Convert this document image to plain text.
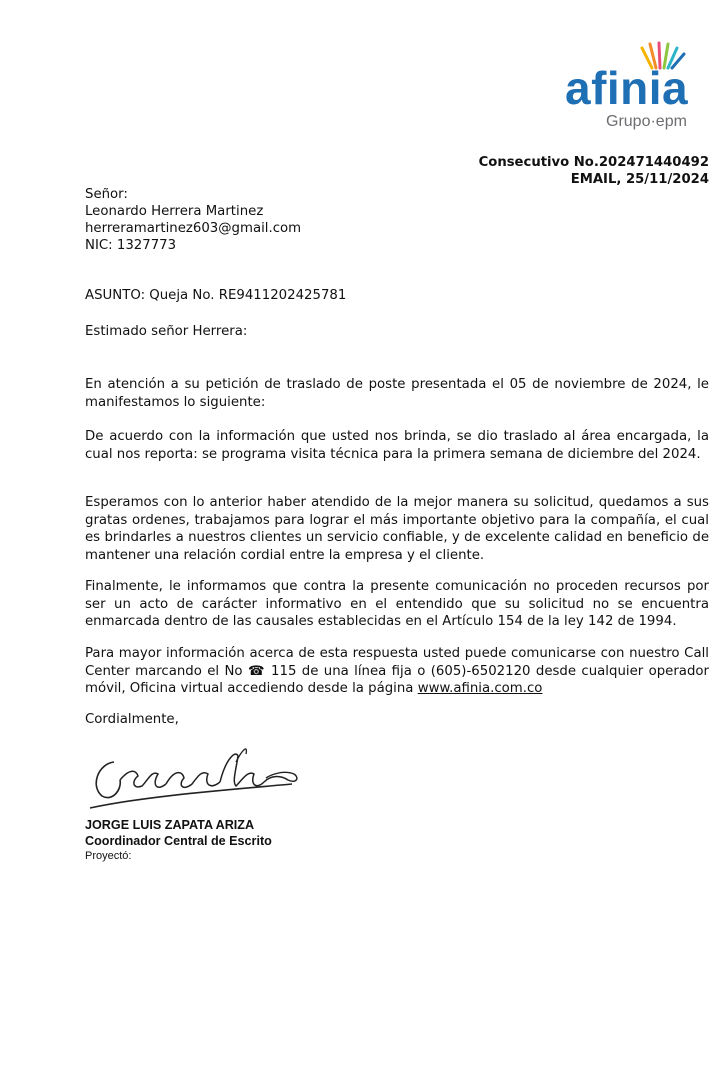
afinia
Grupo·epm
Consecutivo No.202471440492
EMAIL, 25/11/2024
Señor:
Leonardo Herrera Martinez
herreramartinez603@gmail.com
NIC: 1327773

ASUNTO: Queja No. RE9411202425781

Estimado señor Herrera:

En atención a su petición de traslado de poste presentada el 05 de noviembre de 2024, le manifestamos lo siguiente:

De acuerdo con la información que usted nos brinda, se dio traslado al área encargada, la cual nos reporta: se programa visita técnica para la primera semana de diciembre del 2024.

Esperamos con lo anterior haber atendido de la mejor manera su solicitud, quedamos a sus gratas ordenes, trabajamos para lograr el más importante objetivo para la compañía, el cual es brindarles a nuestros clientes un servicio confiable, y de excelente calidad en beneficio de mantener una relación cordial entre la empresa y el cliente.

Finalmente, le informamos que contra la presente comunicación no proceden recursos por ser un acto de carácter informativo en el entendido que su solicitud no se encuentra enmarcada dentro de las causales establecidas en el Artículo 154 de la ley 142 de 1994.

Para mayor información acerca de esta respuesta usted puede comunicarse con nuestro Call Center marcando el No ☎ 115 de una línea fija o (605)-6502120 desde cualquier operador móvil, Oficina virtual accediendo desde la página www.afinia.com.co

Cordialmente,

JORGE LUIS ZAPATA ARIZA
Coordinador Central de Escrito
Proyectó:
